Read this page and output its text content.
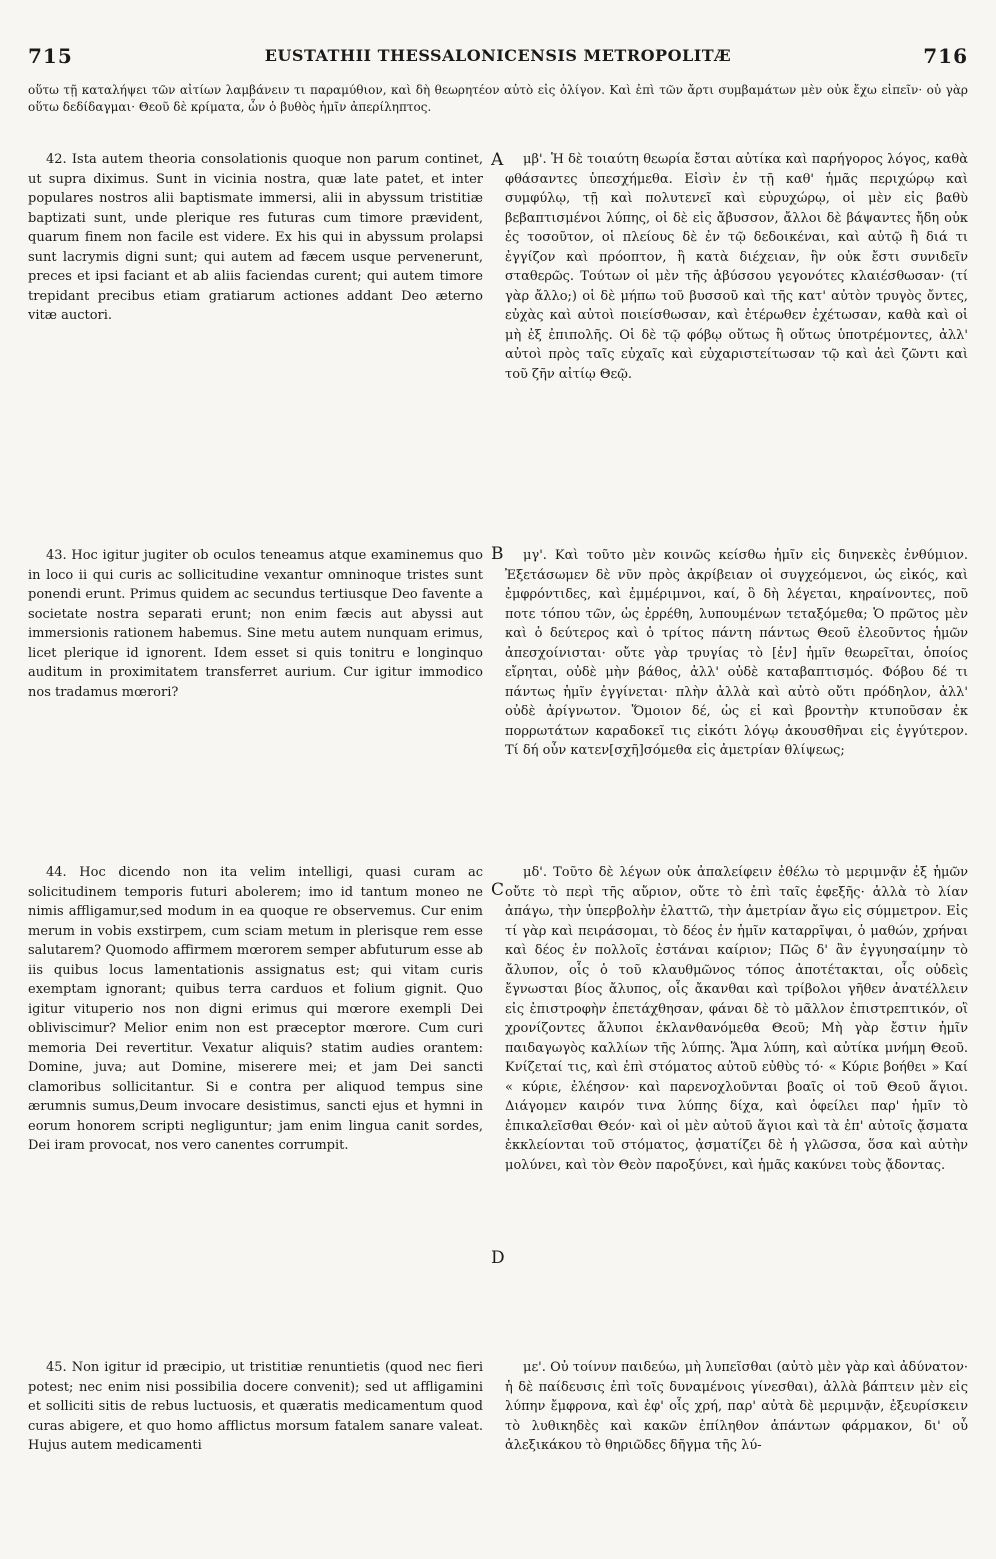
715	EUSTATHII THESSALONICENSIS METROPOLITÆ	716
οὕτω τῇ καταλήψει τῶν αἰτίων λαμβάνειν τι παραμύθιον, καὶ δὴ θεωρητέον αὐτὸ εἰς ὀλίγον. Καὶ ἐπὶ τῶν ἄρτι συμβαμάτων μὲν οὐκ ἔχω εἰπεῖν· οὐ γὰρ οὕτω δεδίδαγμαι· Θεοῦ δὲ κρίματα, ὧν ὁ βυθὸς ἡμῖν ἀπερίληπτος.

42. Ista autem theoria consolationis quoque non parum continet, ut supra diximus. Sunt in vicinia nostra, quæ late patet, et inter populares nostros alii baptismate immersi, alii in abyssum tristitiæ baptizati sunt, unde plerique res futuras cum timore prævident, quarum finem non facile est videre. Ex his qui in abyssum prolapsi sunt lacrymis digni sunt; qui autem ad fæcem usque pervenerunt, preces et ipsi faciant et ab aliis faciendas curent; qui autem timore trepidant precibus etiam gratiarum actiones addant Deo æterno vitæ auctori.

43. Hoc igitur jugiter ob oculos teneamus atque examinemus quo in loco ii qui curis ac sollicitudine vexantur omninoque tristes sunt ponendi erunt. Primus quidem ac secundus tertiusque Deo favente a societate nostra separati erunt; non enim fæcis aut abyssi aut immersionis rationem habemus. Sine metu autem nunquam erimus, licet plerique id ignorent. Idem esset si quis tonitru e longinquo auditum in proximitatem transferret aurium. Cur igitur immodico nos tradamus mœrori?

44. Hoc dicendo non ita velim intelligi, quasi curam ac solicitudinem temporis futuri abolerem; imo id tantum moneo ne nimis affligamur,sed modum in ea quoque re observemus. Cur enim merum in vobis exstirpem, cum sciam metum in plerisque rem esse salutarem? Quomodo affirmem mœrorem semper abfuturum esse ab iis quibus locus lamentationis assignatus est; qui vitam curis exemptam ignorant; quibus terra carduos et folium gignit. Quo igitur vituperio nos non digni erimus qui mœrore exempli Dei obliviscimur? Melior enim non est præceptor mœrore. Cum curi memoria Dei revertitur. Vexatur aliquis? statim audies orantem: Domine, juva; aut Domine, miserere mei; et jam Dei sancti clamoribus sollicitantur. Si e contra per aliquod tempus sine ærumnis sumus,Deum invocare desistimus, sancti ejus et hymni in eorum honorem scripti negliguntur; jam enim lingua canit sordes, Dei iram provocat, nos vero canentes corrumpit.

45. Non igitur id præcipio, ut tristitiæ renuntietis (quod nec fieri potest; nec enim nisi possibilia docere convenit); sed ut affligamini et solliciti sitis de rebus luctuosis, et quæratis medicamentum quod curas abigere, et quo homo afflictus morsum fatalem sanare valeat. Hujus autem medicamenti

A
B
C
D

μβ'. Ἡ δὲ τοιαύτη θεωρία ἔσται αὐτίκα καὶ παρήγορος λόγος, καθὰ φθάσαντες ὑπεσχήμεθα. Εἰσὶν ἐν τῇ καθ' ἡμᾶς περιχώρῳ καὶ συμφύλῳ, τῇ καὶ πολυτενεῖ καὶ εὐρυχώρῳ, οἱ μὲν εἰς βαθὺ βεβαπτισμένοι λύπης, οἱ δὲ εἰς ἄβυσσον, ἄλλοι δὲ βάψαντες ἤδη οὐκ ἐς τοσοῦτον, οἱ πλείους δὲ ἐν τῷ δεδοικέναι, καὶ αὐτῷ ἢ διά τι ἐγγίζον καὶ πρόοπτον, ἢ κατὰ διέχειαν, ἣν οὐκ ἔστι συνιδεῖν σταθερῶς. Τούτων οἱ μὲν τῆς ἀβύσσου γεγονότες κλαιέσθωσαν· (τί γὰρ ἄλλο;) οἱ δὲ μήπω τοῦ βυσσοῦ καὶ τῆς κατ' αὐτὸν τρυγὸς ὄντες, εὐχὰς καὶ αὐτοὶ ποιείσθωσαν, καὶ ἑτέρωθεν ἐχέτωσαν, καθὰ καὶ οἱ μὴ ἐξ ἐπιπολῆς. Οἱ δὲ τῷ φόβῳ οὕτως ἢ οὕτως ὑποτρέμοντες, ἀλλ' αὐτοὶ πρὸς ταῖς εὐχαῖς καὶ εὐχαριστείτωσαν τῷ καὶ ἀεὶ ζῶντι καὶ τοῦ ζῆν αἰτίῳ Θεῷ.

μγ'. Καὶ τοῦτο μὲν κοινῶς κείσθω ἡμῖν εἰς διηνεκὲς ἐνθύμιον. Ἐξετάσωμεν δὲ νῦν πρὸς ἀκρίβειαν οἱ συγχεόμενοι, ὡς εἰκός, καὶ ἐμφρόντιδες, καὶ ἐμμέριμνοι, καί, ὃ δὴ λέγεται, κηραίνοντες, ποῦ ποτε τόπου τῶν, ὡς ἐρρέθη, λυπουμένων τεταξόμεθα; Ὁ πρῶτος μὲν καὶ ὁ δεύτερος καὶ ὁ τρίτος πάντη πάντως Θεοῦ ἐλεοῦντος ἡμῶν ἀπεσχοίνισται· οὔτε γὰρ τρυγίας τὸ [ἐν] ἡμῖν θεωρεῖται, ὁποίος εἴρηται, οὐδὲ μὴν βάθος, ἀλλ' οὐδὲ καταβαπτισμός. Φόβου δέ τι πάντως ἡμῖν ἐγγίνεται· πλὴν ἀλλὰ καὶ αὐτὸ οὔτι πρόδηλον, ἀλλ' οὐδὲ ἀρίγνωτον. Ὅμοιον δέ, ὡς εἰ καὶ βροντὴν κτυποῦσαν ἐκ πορρωτάτων καραδοκεῖ τις εἰκότι λόγῳ ἀκουσθῆναι εἰς ἐγγύτερον. Τί δή οὖν κατεν[σχῆ]σόμεθα εἰς ἀμετρίαν θλίψεως;

μδ'. Τοῦτο δὲ λέγων οὐκ ἀπαλείφειν ἐθέλω τὸ μεριμνᾷν ἐξ ἡμῶν οὔτε τὸ περὶ τῆς αὔριον, οὔτε τὸ ἐπὶ ταῖς ἐφεξῆς· ἀλλὰ τὸ λίαν ἀπάγω, τὴν ὑπερβολὴν ἐλαττῶ, τὴν ἀμετρίαν ἄγω εἰς σύμμετρον. Εἰς τί γὰρ καὶ πειράσομαι, τὸ δέος ἐν ἡμῖν καταρρῖψαι, ὁ μαθών, χρήναι καὶ δέος ἐν πολλοῖς ἐστάναι καίριον; Πῶς δ' ἂν ἐγγυησαίμην τὸ ἄλυπον, οἷς ὁ τοῦ κλαυθμῶνος τόπος ἀποτέτακται, οἷς οὐδεὶς ἔγνωσται βίος ἄλυπος, οἷς ἄκανθαι καὶ τρίβολοι γῆθεν ἀνατέλλειν εἰς ἐπιστροφὴν ἐπετάχθησαν, φάναι δὲ τὸ μᾶλλον ἐπιστρεπτικόν, οἳ χρονίζοντες ἄλυποι ἐκλανθανόμεθα Θεοῦ; Μὴ γὰρ ἔστιν ἡμῖν παιδαγωγὸς καλλίων τῆς λύπης. Ἅμα λύπη, καὶ αὐτίκα μνήμη Θεοῦ. Κνίζεταί τις, καὶ ἐπὶ στόματος αὐτοῦ εὐθὺς τό· « Κύριε βοήθει » Καί « κύριε, ἐλέησον· καὶ παρενοχλοῦνται βοαῖς οἱ τοῦ Θεοῦ ἅγιοι. Διάγομεν καιρόν τινα λύπης δίχα, καὶ ὀφείλει παρ' ἡμῖν τὸ ἐπικαλεῖσθαι Θεόν· καὶ οἱ μὲν αὐτοῦ ἅγιοι καὶ τὰ ἐπ' αὐτοῖς ᾄσματα ἐκκλείονται τοῦ στόματος, ᾀσματίζει δὲ ἡ γλῶσσα, ὅσα καὶ αὐτὴν μολύνει, καὶ τὸν Θεὸν παροξύνει, καὶ ἡμᾶς κακύνει τοὺς ᾄδοντας.

με'. Οὐ τοίνυν παιδεύω, μὴ λυπεῖσθαι (αὐτὸ μὲν γὰρ καὶ ἀδύνατον· ἡ δὲ παίδευσις ἐπὶ τοῖς δυναμένοις γίνεσθαι), ἀλλὰ βάπτειν μὲν εἰς λύπην ἔμφρονα, καὶ ἐφ' οἷς χρή, παρ' αὐτὰ δὲ μεριμνᾷν, ἐξευρίσκειν τὸ λυθικηδὲς καὶ κακῶν ἐπίληθον ἁπάντων φάρμακον, δι' οὗ ἀλεξικάκου τὸ θηριῶδες δῆγμα τῆς λύ-
